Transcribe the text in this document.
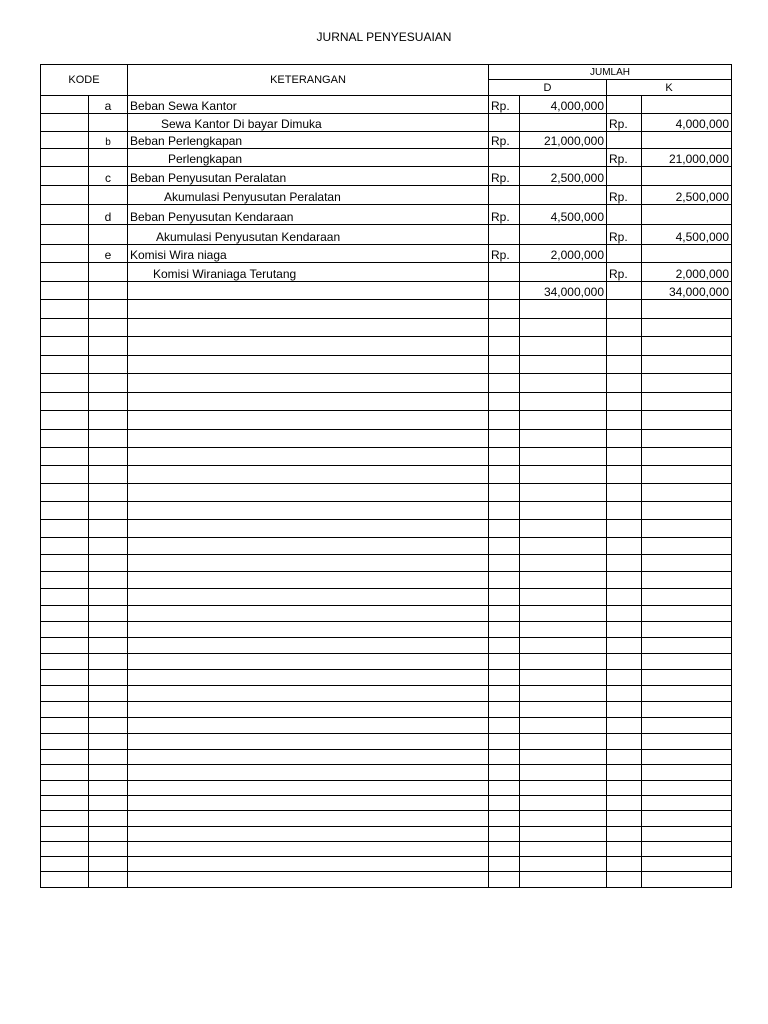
JURNAL PENYESUAIAN
KODE		KETERANGAN	JUMLAH			
			D		K	
	a	Beban Sewa Kantor	Rp.	4,000,000		
		Sewa Kantor Di bayar Dimuka			Rp.	4,000,000
	b	Beban Perlengkapan	Rp.	21,000,000		
		Perlengkapan			Rp.	21,000,000
	c	Beban Penyusutan Peralatan	Rp.	2,500,000		
		Akumulasi Penyusutan Peralatan			Rp.	2,500,000
	d	Beban Penyusutan Kendaraan	Rp.	4,500,000		
		Akumulasi Penyusutan Kendaraan			Rp.	4,500,000
	e	Komisi Wira niaga	Rp.	2,000,000		
		Komisi Wiraniaga Terutang			Rp.	2,000,000
				34,000,000		34,000,000
